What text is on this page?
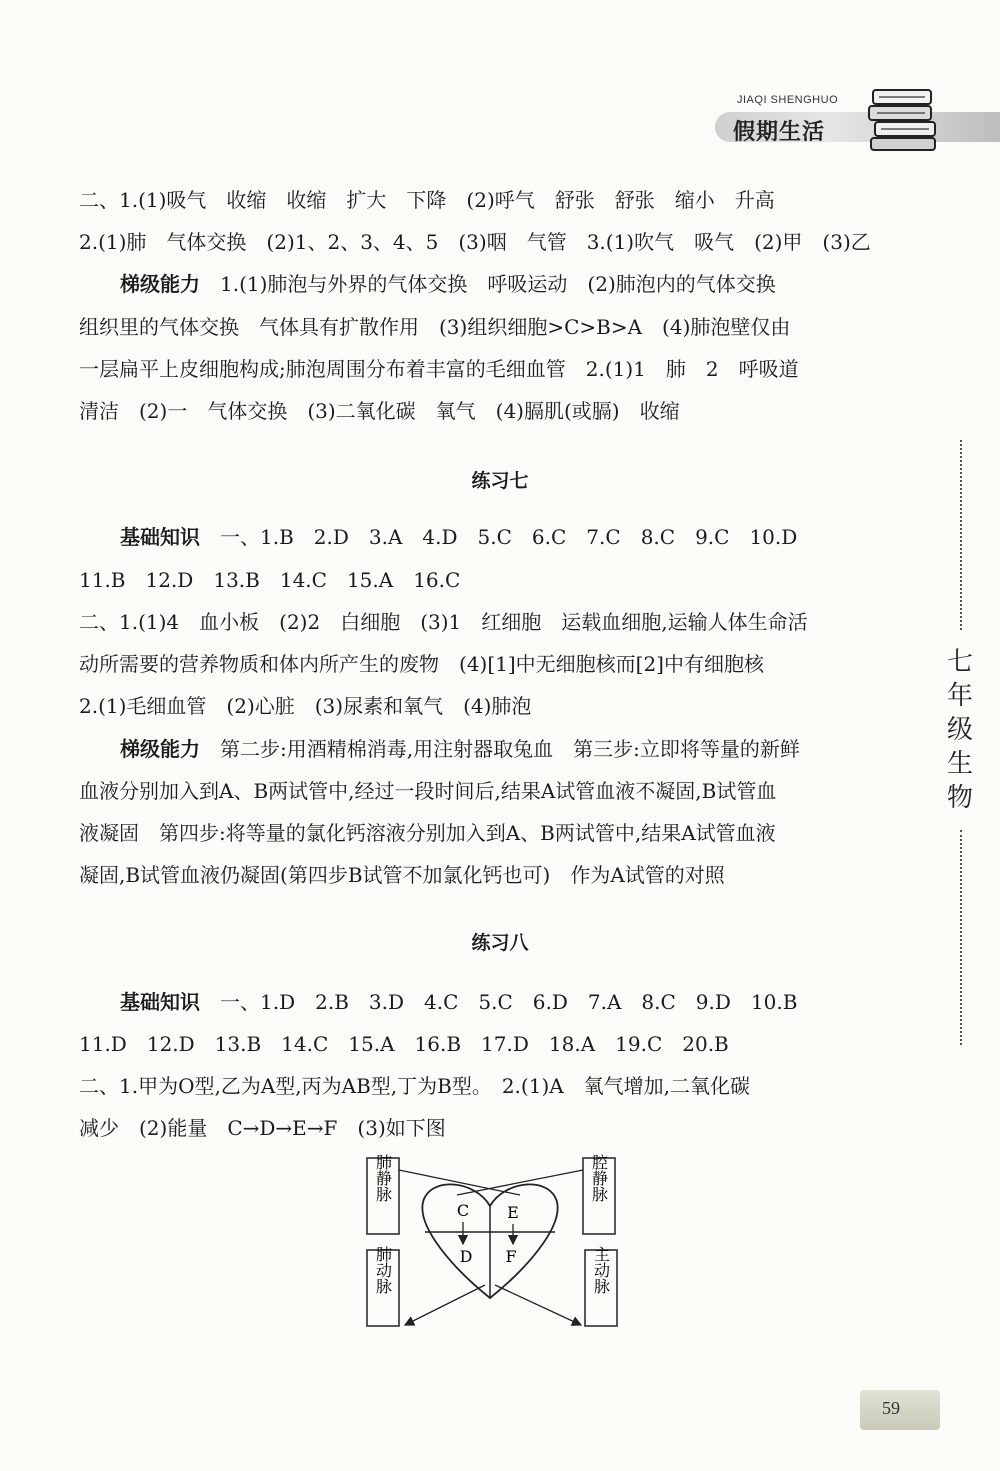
JIAQI SHENGHUO
假期生活
二、1.(1)吸气　收缩　收缩　扩大　下降　(2)呼气　舒张　舒张　缩小　升高
2.(1)肺　气体交换　(2)1、2、3、4、5　(3)咽　气管　3.(1)吹气　吸气　(2)甲　(3)乙
梯级能力　 1.(1)肺泡与外界的气体交换　呼吸运动　(2)肺泡内的气体交换
组织里的气体交换　气体具有扩散作用　(3)组织细胞>C>B>A　(4)肺泡壁仅由
一层扁平上皮细胞构成;肺泡周围分布着丰富的毛细血管　2.(1)1　肺　2　呼吸道
清洁　(2)一　气体交换　(3)二氧化碳　氧气　(4)膈肌(或膈)　收缩
练习七
基础知识　 一、1.B　2.D　3.A　4.D　5.C　6.C　7.C　8.C　9.C　10.D
11.B　12.D　13.B　14.C　15.A　16.C
二、1.(1)4　血小板　(2)2　白细胞　(3)1　红细胞　运载血细胞,运输人体生命活
动所需要的营养物质和体内所产生的废物　(4)[1]中无细胞核而[2]中有细胞核
2.(1)毛细血管　(2)心脏　(3)尿素和氧气　(4)肺泡
梯级能力　 第二步:用酒精棉消毒,用注射器取兔血　第三步:立即将等量的新鲜
血液分别加入到A、B两试管中,经过一段时间后,结果A试管血液不凝固,B试管血
液凝固　第四步:将等量的氯化钙溶液分别加入到A、B两试管中,结果A试管血液
凝固,B试管血液仍凝固(第四步B试管不加氯化钙也可)　作为A试管的对照
练习八
基础知识　 一、1.D　2.B　3.D　4.C　5.C　6.D　7.A　8.C　9.D　10.B
11.D　12.D　13.B　14.C　15.A　16.B　17.D　18.A　19.C　20.B
二、1.甲为O型,乙为A型,丙为AB型,丁为B型。　2.(1)A　氧气增加,二氧化碳
减少　(2)能量　C→D→E→F　(3)如下图
七
年
级
生
物
肺静脉	腔静脉
肺动脉	主动脉
C E
D F
59
